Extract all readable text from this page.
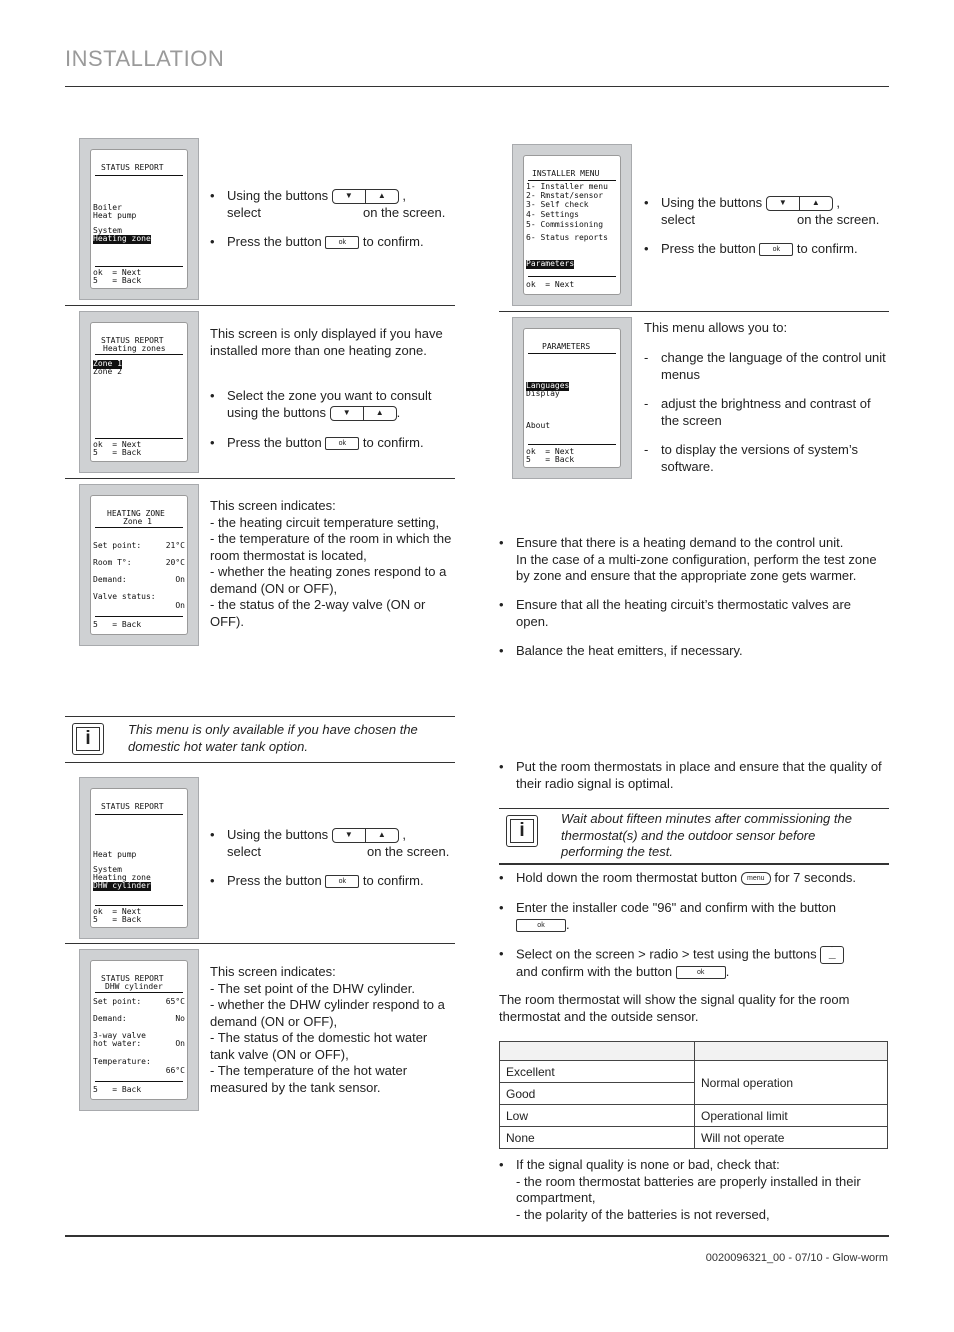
INSTALLATION
STATUS REPORT
Boiler
Heat pump
System
Heating zone
ok  = Next
5   = Back
• Using the buttons	▼	▲	,
select	on the screen.
• Press the button ok to confirm.
STATUS REPORT
Heating zones
Zone 1
Zone 2
ok  = Next
5   = Back
This screen is only displayed if you have installed more than one heating zone.
• Select the zone you want to consult using the buttons	▼	▲	.
• Press the button ok to confirm.
HEATING ZONE
Zone 1
Set point:	21°C
Room T°:	20°C
Demand:	On
Valve status:
On
5   = Back
This screen indicates:
- the heating circuit temperature setting,
- the temperature of the room in which the room thermostat is located,
- whether the heating zones respond to a demand (ON or OFF),
- the status of the 2-way valve (ON or OFF).
i	This menu is only available if you have chosen the domestic hot water tank option.
STATUS REPORT
Heat pump
System
Heating zone
DHW cylinder
ok  = Next
5   = Back
• Using the buttons	▼	▲	,
select	on the screen.
• Press the button ok to confirm.
STATUS REPORT
DHW cylinder
Set point:	65°C
Demand:	No
3-way valve
hot water:	On
Temperature:
66°C
5   = Back
This screen indicates:
- The set point of the DHW cylinder.
- whether the DHW cylinder respond to a demand (ON or OFF),
- The status of the domestic hot water tank valve (ON or OFF),
- The temperature of the hot water measured by the tank sensor.
INSTALLER MENU
1- Installer menu
2- Rmstat/sensor
3- Self check
4- Settings
5- Commissioning
6- Status reports
Parameters
ok  = Next
• Using the buttons	▼	▲	,
select	on the screen.
• Press the button ok to confirm.
PARAMETERS
Languages
Display
About
ok  = Next
5   = Back
This menu allows you to:
- change the language of the control unit menus
- adjust the brightness and contrast of the screen
- to display the versions of system’s software.
• Ensure that there is a heating demand to the control unit.
In the case of a multi-zone configuration, perform the test zone by zone and ensure that the appropriate zone gets warmer.
• Ensure that all the heating circuit’s thermostatic valves are open.
• Balance the heat emitters, if necessary.
• Put the room thermostats in place and ensure that the quality of their radio signal is optimal.
i
Wait about fifteen minutes after commissioning the thermostat(s) and the outdoor sensor before performing the test.
• Hold down the room thermostat button menu for 7 seconds.
• Enter the installer code "96" and confirm with the button
ok .
• Select on the screen > radio > test using the buttons ˙
—
and confirm with the button	ok .
The room thermostat will show the signal quality for the room thermostat and the outside sensor.

Excellent	Normal operation
Good	
Low	Operational limit
None	Will not operate
• If the signal quality is none or bad, check that:
- the room thermostat batteries are properly installed in their compartment,
- the polarity of the batteries is not reversed,
0020096321_00 - 07/10 - Glow-worm
